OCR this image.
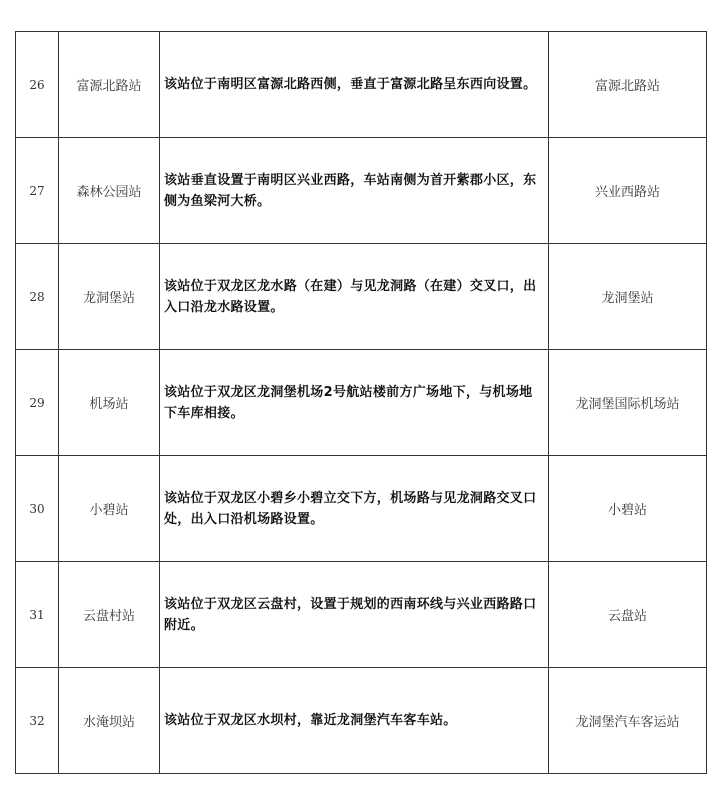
26	富源北路站	该站位于南明区富源北路西侧，垂直于富源北路呈东西向设置。	富源北路站
27	森林公园站	该站垂直设置于南明区兴业西路，车站南侧为首开紫郡小区，东侧为鱼梁河大桥。	兴业西路站
28	龙洞堡站	该站位于双龙区龙水路（在建）与见龙洞路（在建）交叉口，出入口沿龙水路设置。	龙洞堡站
29	机场站	该站位于双龙区龙洞堡机场2号航站楼前方广场地下，与机场地下车库相接。	龙洞堡国际机场站
30	小碧站	该站位于双龙区小碧乡小碧立交下方，机场路与见龙洞路交叉口处，出入口沿机场路设置。	小碧站
31	云盘村站	该站位于双龙区云盘村，设置于规划的西南环线与兴业西路路口附近。	云盘站
32	水淹坝站	该站位于双龙区水坝村，靠近龙洞堡汽车客车站。	龙洞堡汽车客运站
